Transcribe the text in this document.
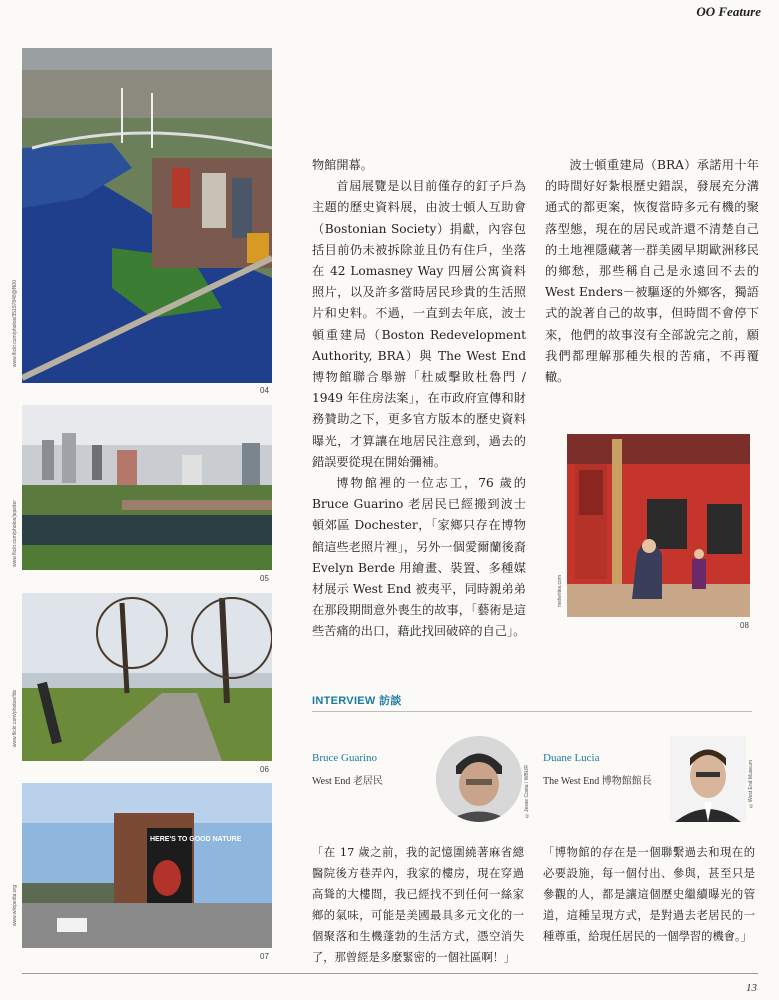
OO Feature
www.flickr.com/photos/35197848@N00
04
www.flickr.com/photos/jepeiter
05
www.flickr.com/photos/fds
06
HERE'S TO GOOD NATURE
www.wikipedia.org
07

物館開幕。

首屆展覽是以目前僅存的釘子戶為主題的歷史資料展，由波士頓人互助會（Bostonian Society）捐獻，內容包括目前仍未被拆除並且仍有住戶，坐落在 42 Lomasney Way 四層公寓資料照片，以及許多當時居民珍貴的生活照片和史料。不過，一直到去年底，波士頓重建局（Boston Redevelopment Authority, BRA）與 The West End 博物館聯合舉辦「杜威擊敗杜魯門 / 1949 年住房法案」，在市政府宣傳和財務贊助之下，更多官方版本的歷史資料曝光，才算讓在地居民注意到，過去的錯誤要從現在開始彌補。

博物館裡的一位志工，76 歲的 Bruce Guarino 老居民已經搬到波士頓郊區 Dochester，「家鄉只存在博物館這些老照片裡」，另外一個愛爾蘭後裔 Evelyn Berde 用繪畫、裝置、多種媒材展示 West End 被夷平，同時親弟弟在那段期間意外喪生的故事，「藝術是這些苦痛的出口，藉此找回破碎的自己」。

波士頓重建局（BRA）承諾用十年的時間好好紮根歷史錯誤，發展充分溝通式的都更案，恢復當時多元有機的聚落型態，現在的居民或許還不清楚自己的土地裡隱藏著一群美國早期歐洲移民的鄉愁，那些稱自己是永遠回不去的 West Enders－被驅逐的外鄉客，獨語式的說著自己的故事，但時間不會停下來，他們的故事沒有全部說完之前，願我們都理解那種失根的苦痛，不再覆轍。

melwrites.com
08
INTERVIEW 訪談
Bruce Guarino
West End 老居民	©Jesse Costa / WBUR
Duane Lucia
The West End 博物館館長	©West End Museum
「在 17 歲之前，我的記憶圍繞著麻省總醫院後方巷弄內，我家的樓房，現在穿過高聳的大樓間，我已經找不到任何一絲家鄉的氣味，可能是美國最具多元文化的一個聚落和生機蓬勃的生活方式，憑空消失了，那曾經是多麼緊密的一個社區啊！」
「博物館的存在是一個聯繫過去和現在的必要設施，每一個付出、參與，甚至只是參觀的人，都是讓這個歷史繼續曝光的管道，這種呈現方式，是對過去老居民的一種尊重，給現任居民的一個學習的機會。」
13
